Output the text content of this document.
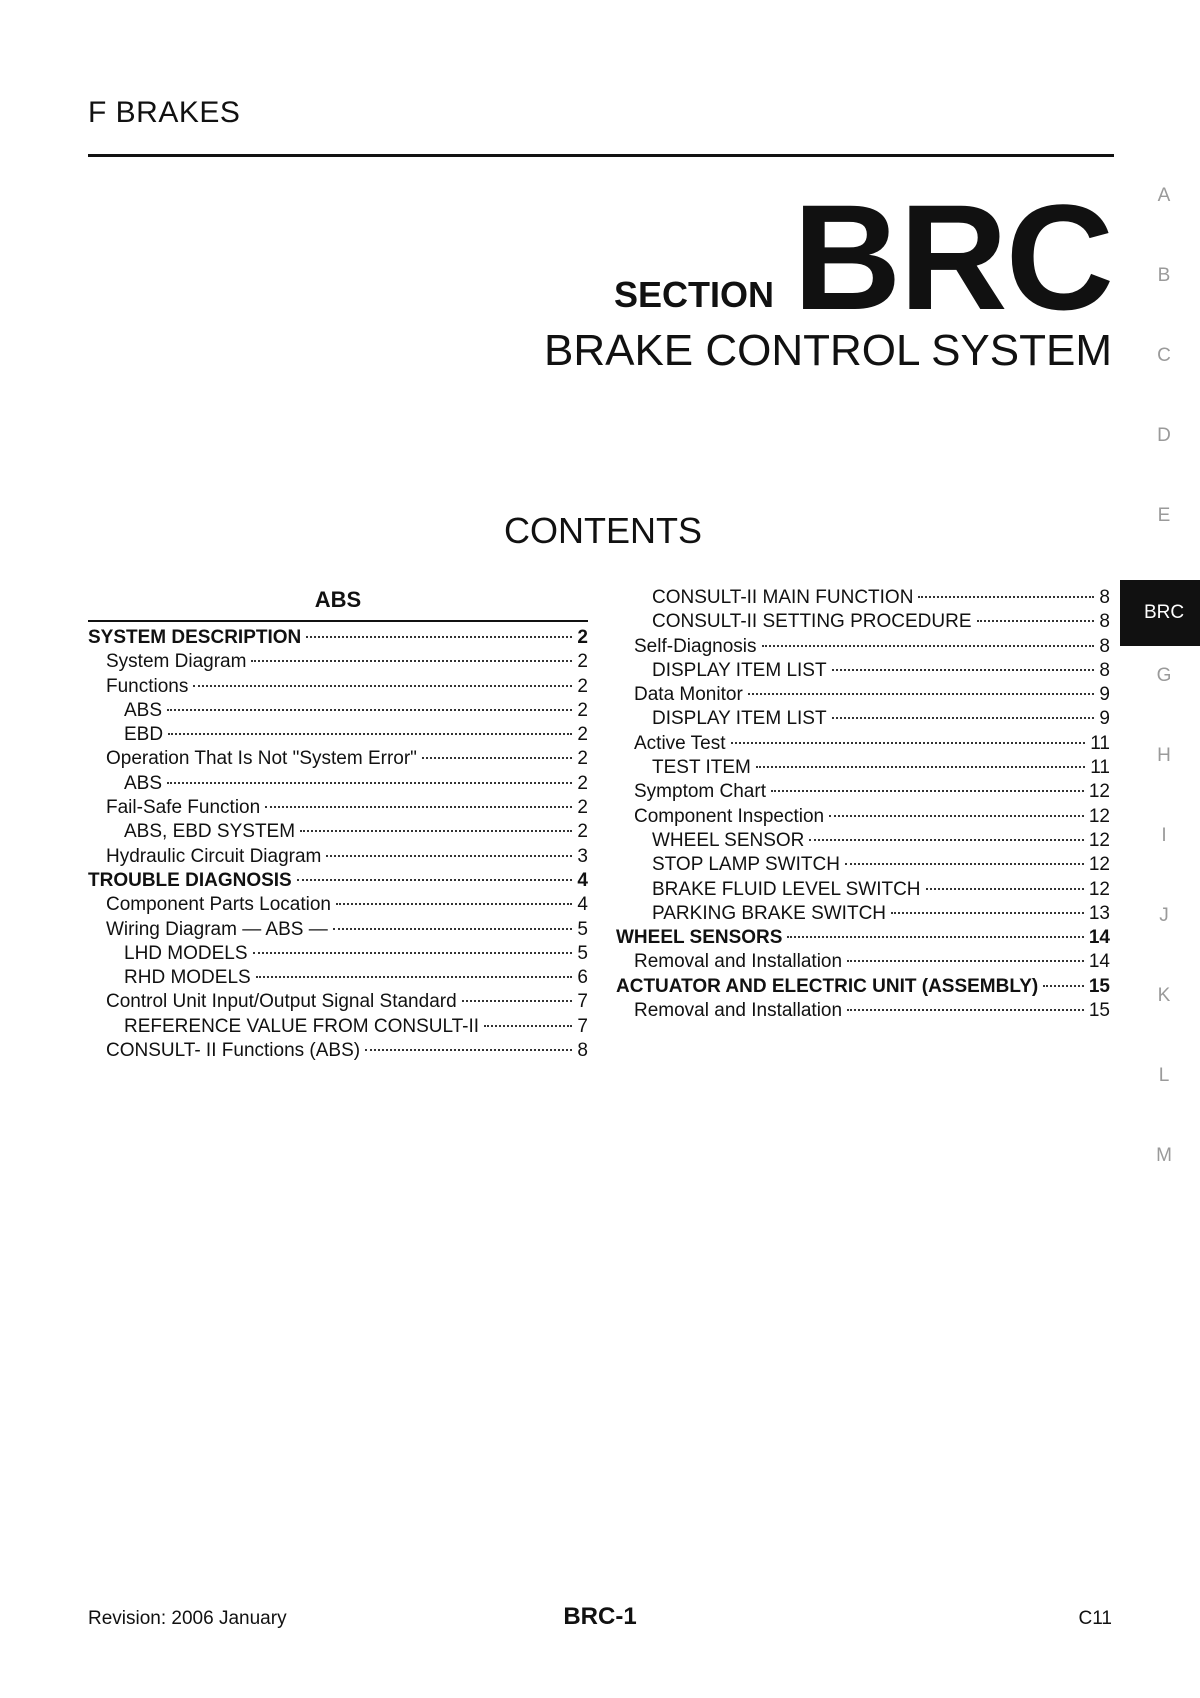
F BRAKES
SECTION BRC
BRAKE CONTROL SYSTEM
CONTENTS
ABS
SYSTEM DESCRIPTION	2
System Diagram	2
Functions	2
ABS	2
EBD	2
Operation That Is Not "System Error"	2
ABS	2
Fail-Safe Function	2
ABS, EBD SYSTEM	2
Hydraulic Circuit Diagram	3
TROUBLE DIAGNOSIS	4
Component Parts Location	4
Wiring Diagram — ABS —	5
LHD MODELS	5
RHD MODELS	6
Control Unit Input/Output Signal Standard	7
REFERENCE VALUE FROM CONSULT-II	7
CONSULT- II Functions (ABS)	8
CONSULT-II MAIN FUNCTION	8
CONSULT-II SETTING PROCEDURE	8
Self-Diagnosis	8
DISPLAY ITEM LIST	8
Data Monitor	9
DISPLAY ITEM LIST	9
Active Test	11
TEST ITEM	11
Symptom Chart	12
Component Inspection	12
WHEEL SENSOR	12
STOP LAMP SWITCH	12
BRAKE FLUID LEVEL SWITCH	12
PARKING BRAKE SWITCH	13
WHEEL SENSORS	14
Removal and Installation	14
ACTUATOR AND ELECTRIC UNIT (ASSEMBLY)	15
Removal and Installation	15
A
B
C
D
E
BRC
G
H
I
J
K
L
M
Revision: 2006 January	BRC-1	C11
